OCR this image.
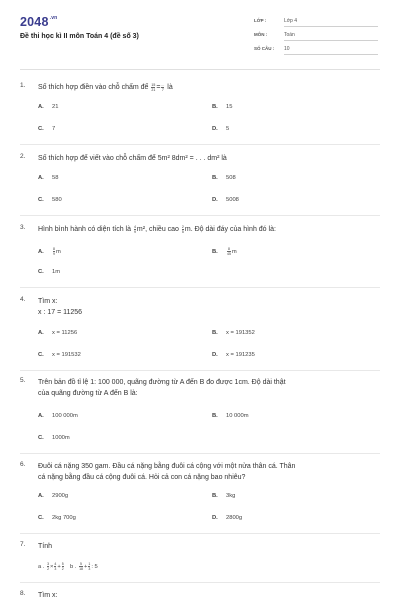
$2048^{.vn}$
Đề thi học kì II môn Toán 4 (đề số 3)
LỚP :	Lớp 4
MÔN :	Toán
SỐ CÂU :	10
1. Số thích hợp điền vào chỗ chấm để $\frac{15}{21} = \frac{...}{7}$ là
A. 21	B. 15
C. 7	D. 5
2. Số thích hợp để viết vào chỗ chấm để 5m² 8dm² = . . . dm² là
A. 58	B. 508
C. 580	D. 5008
3. Hình bình hành có diện tích là $\frac{4}{9} m^2$, chiều cao $\frac{2}{5} m$. Độ dài đáy của hình đó là:
A.	$\frac{8}{9}$ m	B.	$\frac{8}{45}$ m
C. 1m
4. Tìm x:
x : 17 = 11256
A. x = 11256	B. x = 191352
C. x = 191532	D. x = 191235
5. Trên bản đồ tỉ lệ 1: 100 000, quãng đường từ A đến B đo được 1cm. Độ dài thật
của quãng đường từ A đến B là:
A. 100 000m	B. 10 000m
C. 1000m
6. Đuôi cá nặng 350 gam. Đầu cá nặng bằng đuôi cá cộng với một nửa thân cá. Thân
cá nặng bằng đầu cá cộng đuôi cá. Hỏi cả con cá nặng bao nhiêu?
A. 2900g	B. 3kg
C. 2kg 700g	D. 2800g
7. Tính
a . $\frac{3}{2} \times \frac{4}{3} + \frac{5}{2}$ b . $\frac{5}{18} + \frac{1}{3}$ : 5
8. Tìm x:
